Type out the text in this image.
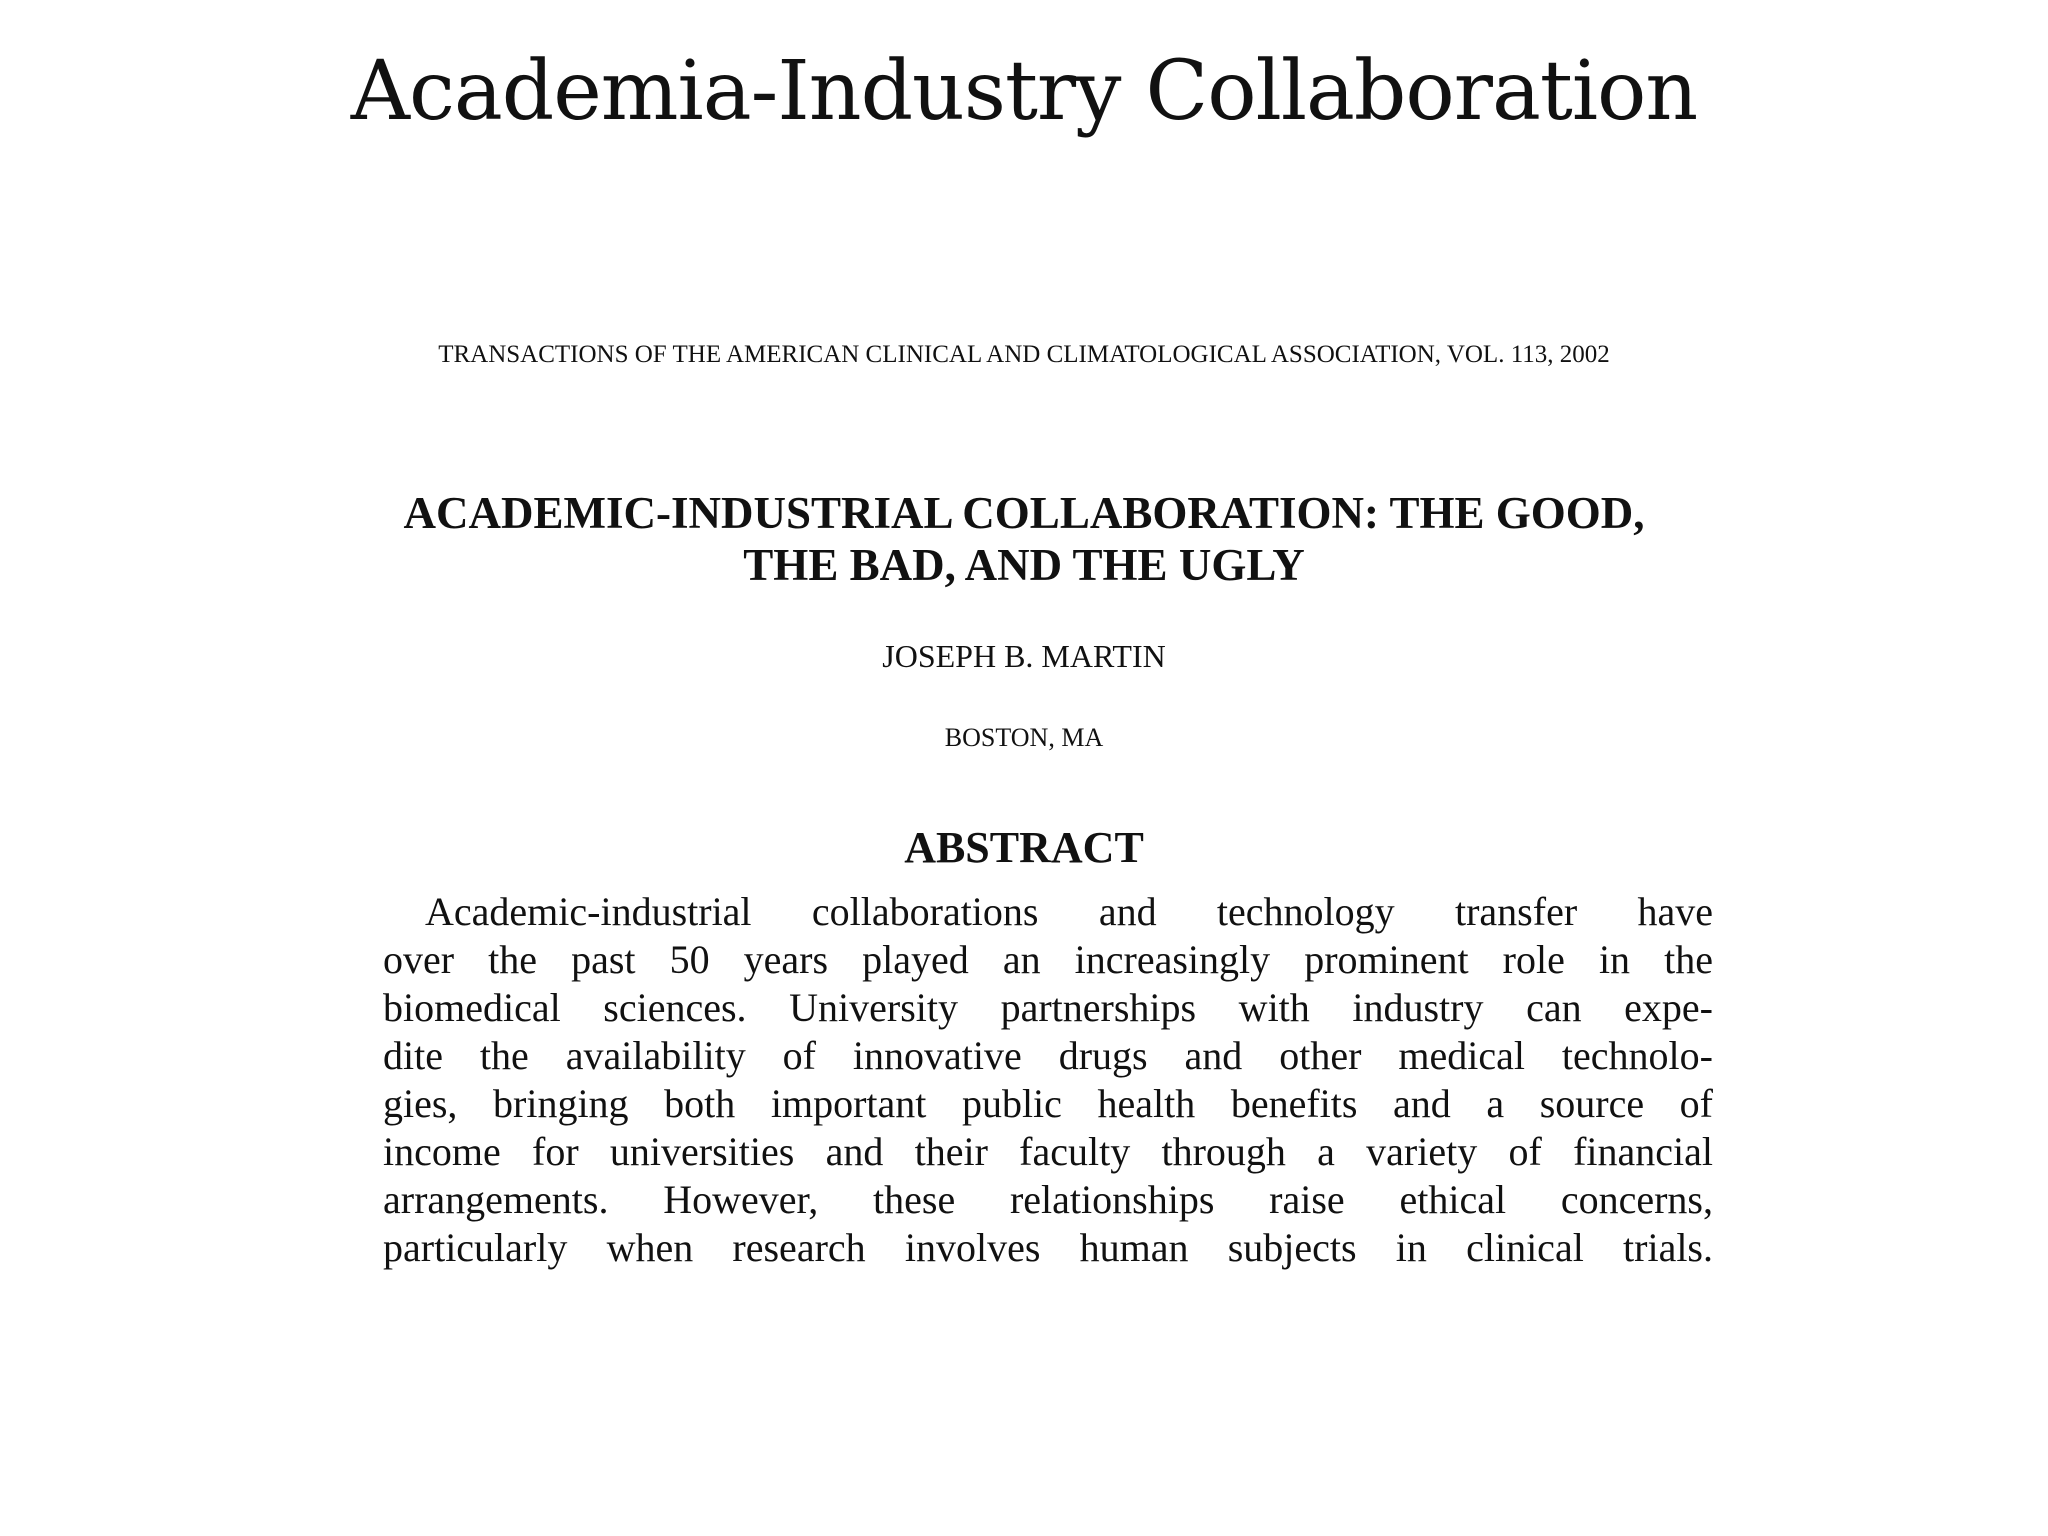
Academia-Industry Collaboration

TRANSACTIONS OF THE AMERICAN CLINICAL AND CLIMATOLOGICAL ASSOCIATION, VOL. 113, 2002

ACADEMIC-INDUSTRIAL COLLABORATION: THE GOOD,
THE BAD, AND THE UGLY

JOSEPH B. MARTIN

BOSTON, MA

ABSTRACT
Academic-industrial collaborations and technology transfer have
over the past 50 years played an increasingly prominent role in the
biomedical sciences. University partnerships with industry can expe-
dite the availability of innovative drugs and other medical technolo-
gies, bringing both important public health benefits and a source of
income for universities and their faculty through a variety of financial
arrangements. However, these relationships raise ethical concerns,
particularly when research involves human subjects in clinical trials.
